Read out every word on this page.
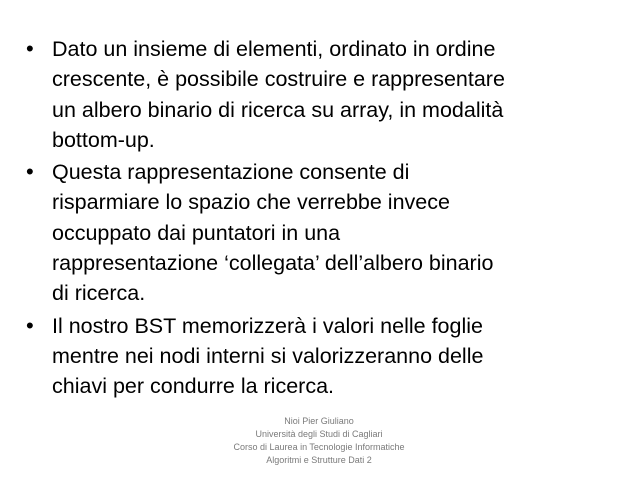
• Dato un insieme di elementi, ordinato in ordine
crescente, è possibile costruire e rappresentare
un albero binario di ricerca su array, in modalità
bottom-up.
• Questa rappresentazione consente di
risparmiare lo spazio che verrebbe invece
occuppato dai puntatori in una
rappresentazione ‘collegata’ dell’albero binario
di ricerca.
• Il nostro BST memorizzerà i valori nelle foglie
mentre nei nodi interni si valorizzeranno delle
chiavi per condurre la ricerca.
Nioi Pier Giuliano
Università degli Studi di Cagliari
Corso di Laurea in Tecnologie Informatiche
Algoritmi e Strutture Dati 2
